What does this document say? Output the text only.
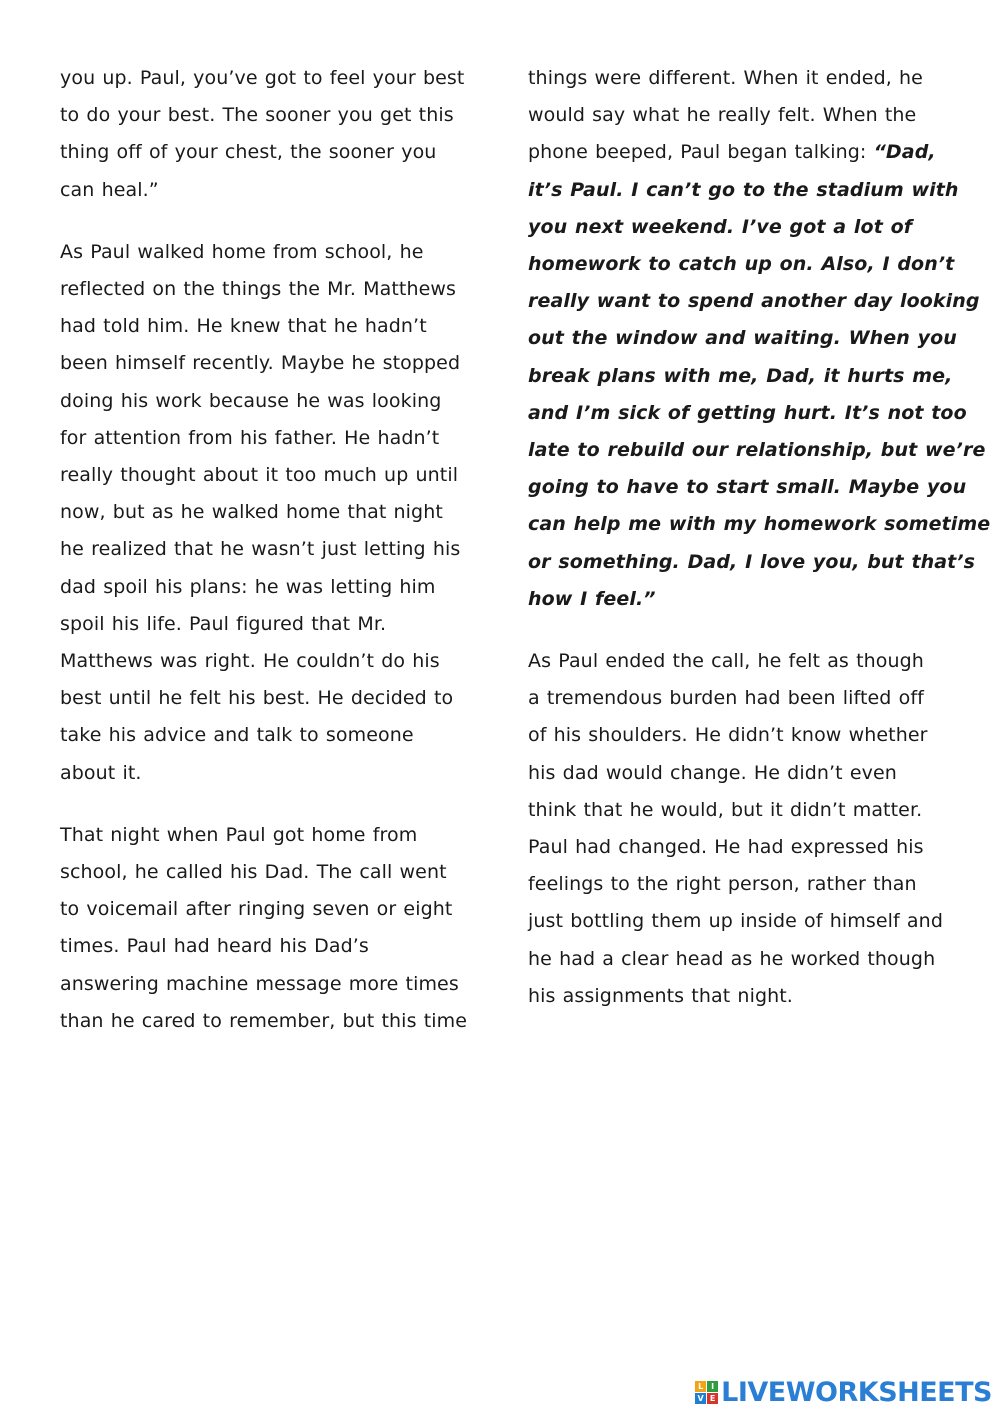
you up. Paul, you’ve got to feel your best
to do your best. The sooner you get this
thing off of your chest, the sooner you
can heal.”
As Paul walked home from school, he
reflected on the things the Mr. Matthews
had told him. He knew that he hadn’t
been himself recently. Maybe he stopped
doing his work because he was looking
for attention from his father. He hadn’t
really thought about it too much up until
now, but as he walked home that night
he realized that he wasn’t just letting his
dad spoil his plans: he was letting him
spoil his life. Paul figured that Mr.
Matthews was right. He couldn’t do his
best until he felt his best. He decided to
take his advice and talk to someone
about it.
That night when Paul got home from
school, he called his Dad. The call went
to voicemail after ringing seven or eight
times. Paul had heard his Dad’s
answering machine message more times
than he cared to remember, but this time
things were different. When it ended, he
would say what he really felt. When the
phone beeped, Paul began talking: “Dad,
it’s Paul. I can’t go to the stadium with
you next weekend. I’ve got a lot of
homework to catch up on. Also, I don’t
really want to spend another day looking
out the window and waiting. When you
break plans with me, Dad, it hurts me,
and I’m sick of getting hurt. It’s not too
late to rebuild our relationship, but we’re
going to have to start small. Maybe you
can help me with my homework sometime
or something. Dad, I love you, but that’s
how I feel.”
As Paul ended the call, he felt as though
a tremendous burden had been lifted off
of his shoulders. He didn’t know whether
his dad would change. He didn’t even
think that he would, but it didn’t matter.
Paul had changed. He had expressed his
feelings to the right person, rather than
just bottling them up inside of himself and
he had a clear head as he worked though
his assignments that night.
L I
V E LIVEWORKSHEETS
